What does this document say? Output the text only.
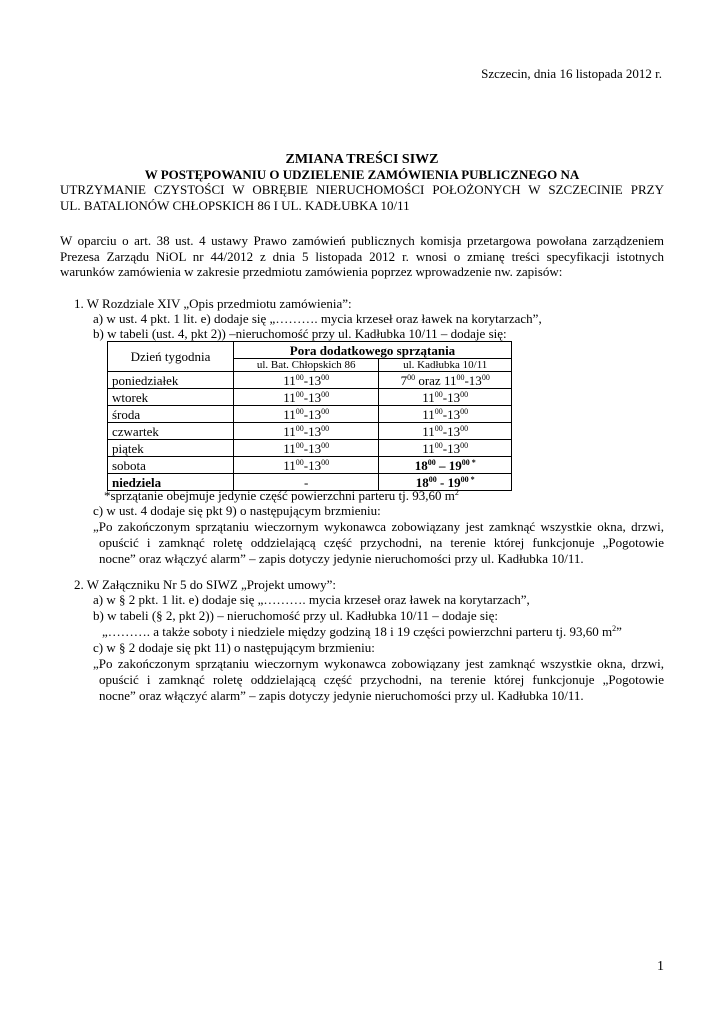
Szczecin, dnia 16 listopada 2012 r.
ZMIANA TREŚCI SIWZ
W POSTĘPOWANIU O UDZIELENIE ZAMÓWIENIA PUBLICZNEGO NA
UTRZYMANIE CZYSTOŚCI W OBRĘBIE NIERUCHOMOŚCI POŁOŻONYCH W SZCZECINIE PRZY
UL. BATALIONÓW CHŁOPSKICH 86 I UL. KADŁUBKA 10/11
W oparciu o art. 38 ust. 4 ustawy Prawo zamówień publicznych komisja przetargowa powołana zarządzeniem
Prezesa Zarządu NiOL nr 44/2012 z dnia 5 listopada 2012 r. wnosi o zmianę treści specyfikacji istotnych
warunków zamówienia w zakresie przedmiotu zamówienia poprzez wprowadzenie nw. zapisów:
1. W Rozdziale XIV „Opis przedmiotu zamówienia”:
a) w ust. 4 pkt. 1 lit. e) dodaje się „………. mycia krzeseł oraz ławek na korytarzach”,
b) w tabeli (ust. 4, pkt 2)) –nieruchomość przy ul. Kadłubka 10/11 – dodaje się:
Dzień tygodnia	Pora dodatkowego sprzątania	
	ul. Bat. Chłopskich 86	ul. Kadłubka 10/11
poniedziałek	$11^{00}-13^{00}$	$7^{00}$ oraz $11^{00}-13^{00}$
wtorek	$11^{00}-13^{00}$	$11^{00}-13^{00}$
środa	$11^{00}-13^{00}$	$11^{00}-13^{00}$
czwartek	$11^{00}-13^{00}$	$11^{00}-13^{00}$
piątek	$11^{00}-13^{00}$	$11^{00}-13^{00}$
sobota	$11^{00}-13^{00}$	$18^{00} - 19^{00 *}$
niedziela	-	$18^{00} - 19^{00 *}$
*sprzątanie obejmuje jedynie część powierzchni parteru tj. 93,60 $m^2$
c) w ust. 4 dodaje się pkt 9) o następującym brzmieniu:
„Po zakończonym sprzątaniu wieczornym wykonawca zobowiązany jest zamknąć wszystkie okna, drzwi,
opuścić i zamknąć roletę oddzielającą część przychodni, na terenie której funkcjonuje „Pogotowie
nocne” oraz włączyć alarm” – zapis dotyczy jedynie nieruchomości przy ul. Kadłubka 10/11.
2. W Załączniku Nr 5 do SIWZ „Projekt umowy”:
a) w § 2 pkt. 1 lit. e) dodaje się „………. mycia krzeseł oraz ławek na korytarzach”,
b) w tabeli (§ 2, pkt 2)) – nieruchomość przy ul. Kadłubka 10/11 – dodaje się:
„………. a także soboty i niedziele między godziną 18 i 19 części powierzchni parteru tj. 93,60 $m^2$”
c) w § 2 dodaje się pkt 11) o następującym brzmieniu:
„Po zakończonym sprzątaniu wieczornym wykonawca zobowiązany jest zamknąć wszystkie okna, drzwi,
opuścić i zamknąć roletę oddzielającą część przychodni, na terenie której funkcjonuje „Pogotowie
nocne” oraz włączyć alarm” – zapis dotyczy jedynie nieruchomości przy ul. Kadłubka 10/11.
1
